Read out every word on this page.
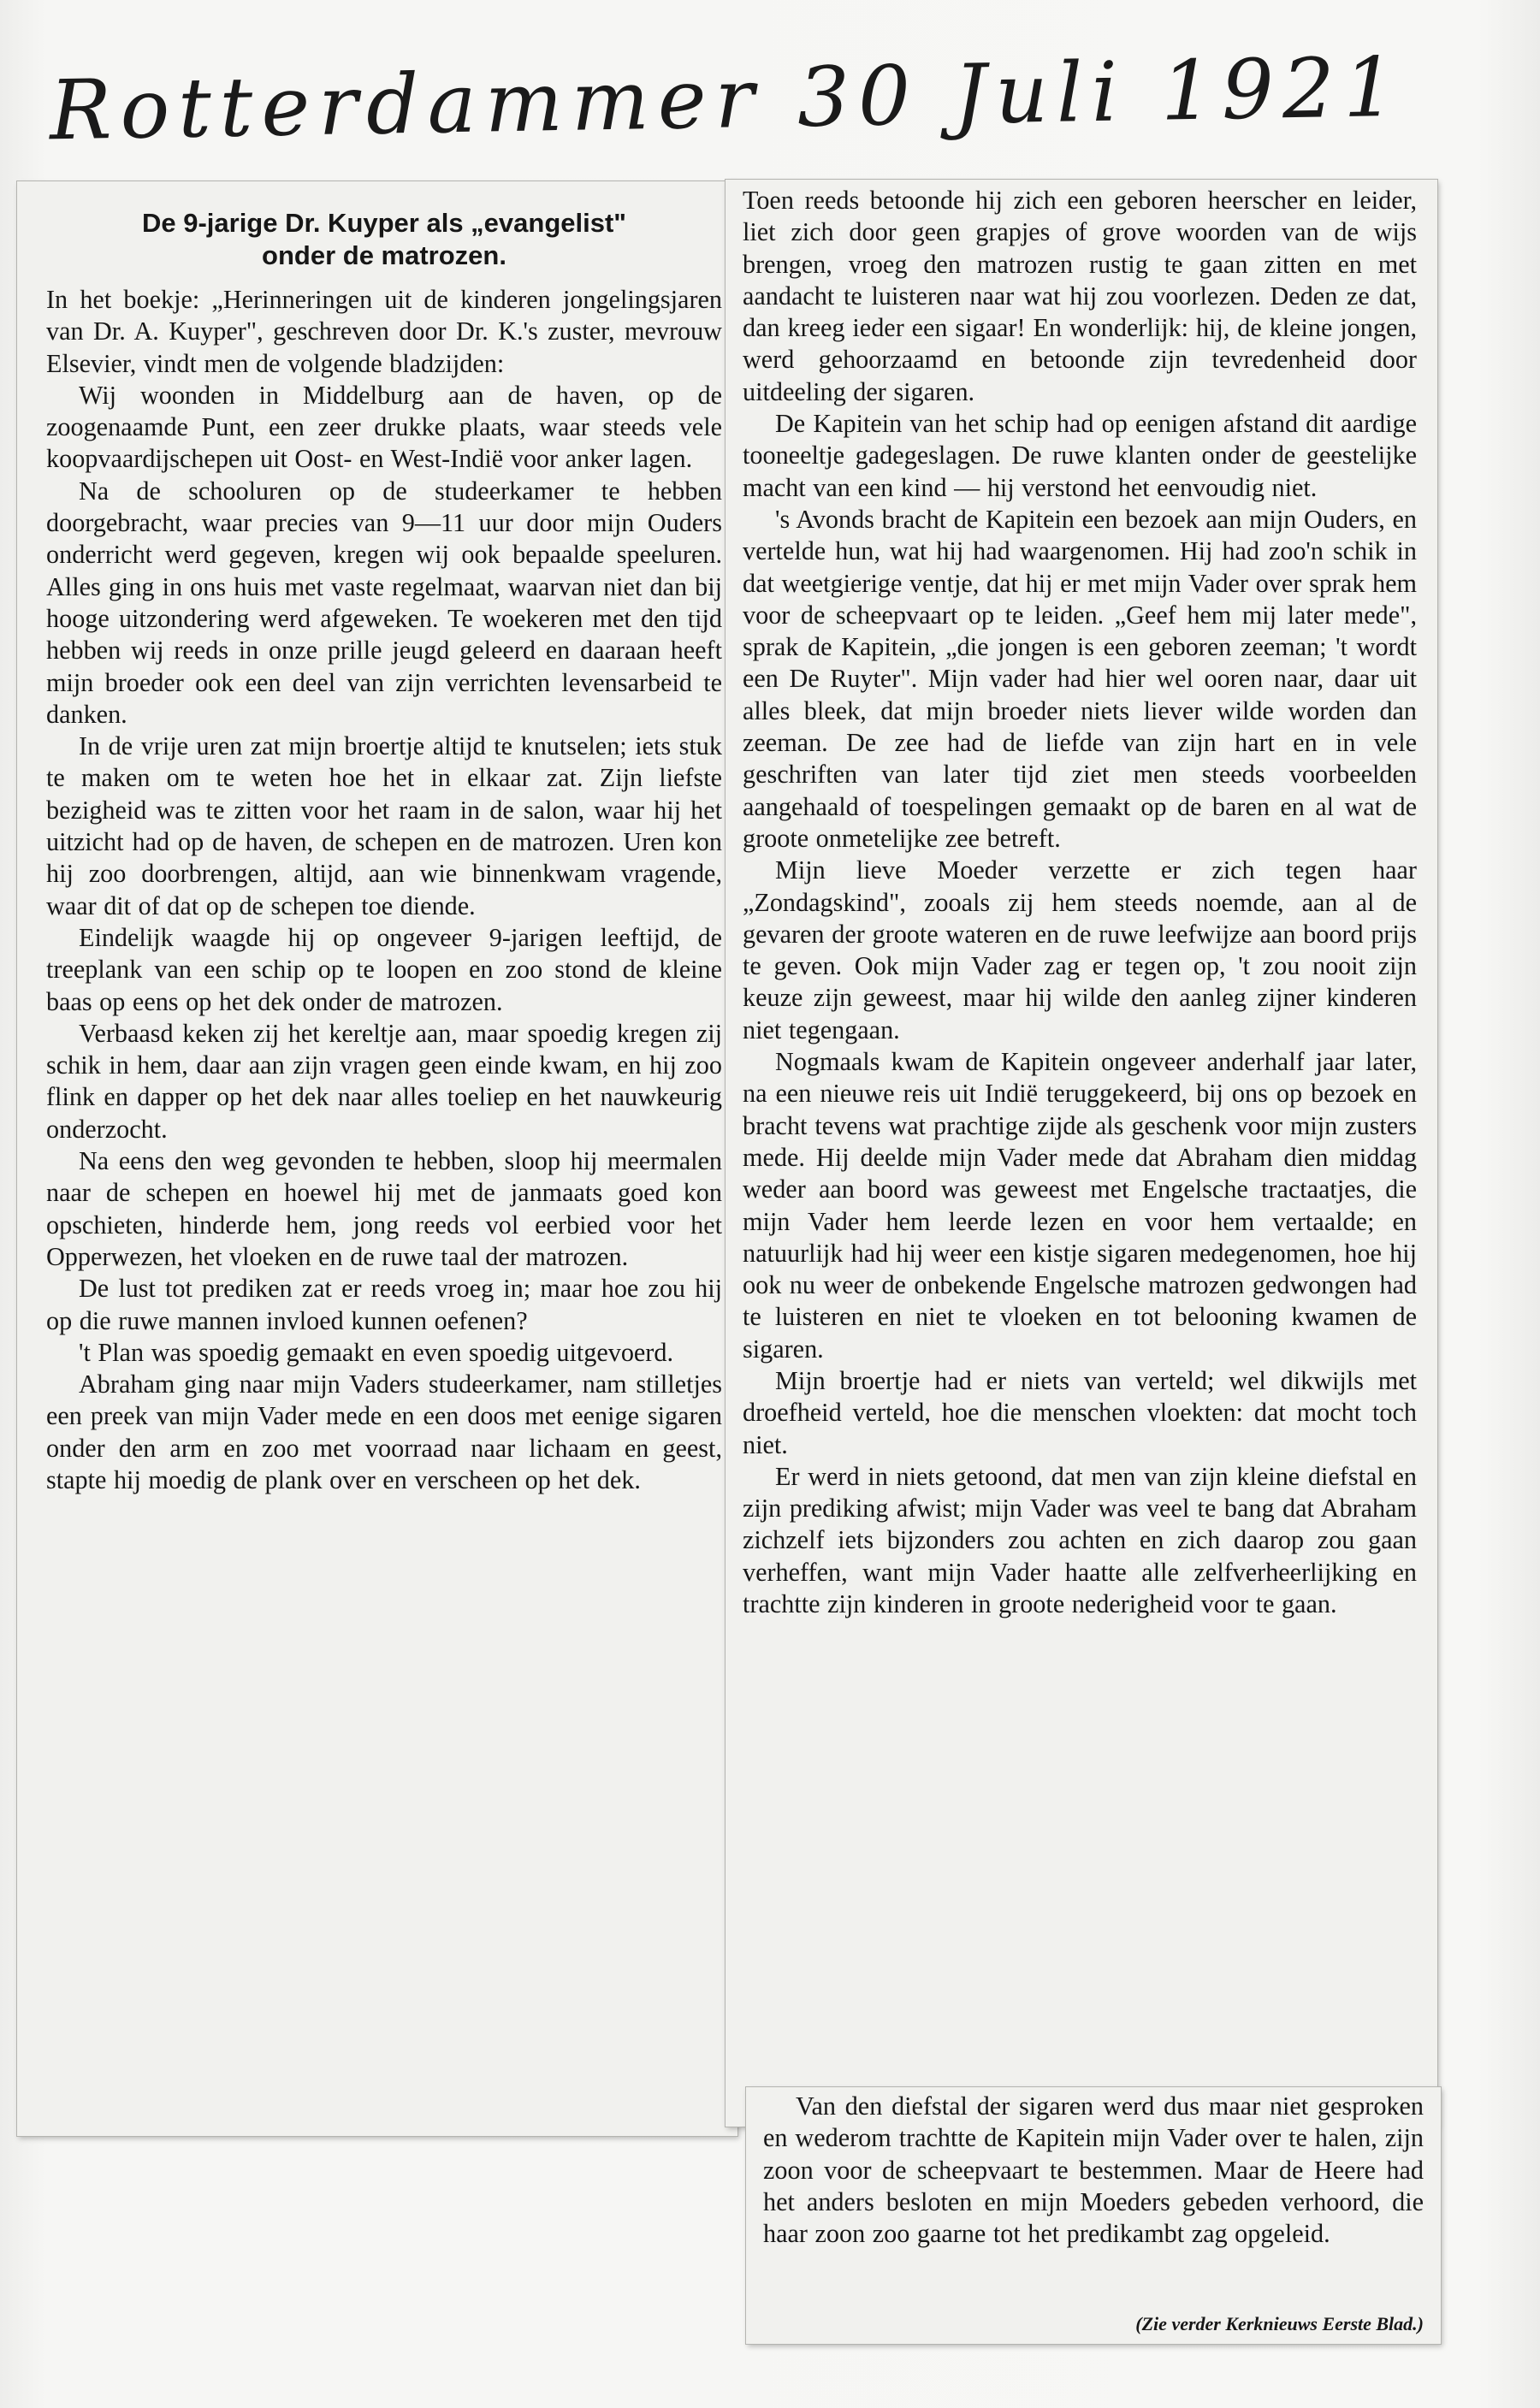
Rotterdammer 30 Juli 1921
De 9-jarige Dr. Kuyper als „evangelist"
onder de matrozen.

In het boekje: „Herinneringen uit de kinderen jongelingsjaren van Dr. A. Kuyper", geschreven door Dr. K.'s zuster, mevrouw Elsevier, vindt men de volgende bladzijden:

Wij woonden in Middelburg aan de haven, op de zoogenaamde Punt, een zeer drukke plaats, waar steeds vele koopvaardijschepen uit Oost- en West-Indië voor anker lagen.

Na de schooluren op de studeerkamer te hebben doorgebracht, waar precies van 9—11 uur door mijn Ouders onderricht werd gegeven, kregen wij ook bepaalde speeluren. Alles ging in ons huis met vaste regelmaat, waarvan niet dan bij hooge uitzondering werd afgeweken. Te woekeren met den tijd hebben wij reeds in onze prille jeugd geleerd en daaraan heeft mijn broeder ook een deel van zijn verrichten levensarbeid te danken.

In de vrije uren zat mijn broertje altijd te knutselen; iets stuk te maken om te weten hoe het in elkaar zat. Zijn liefste bezigheid was te zitten voor het raam in de salon, waar hij het uitzicht had op de haven, de schepen en de matrozen. Uren kon hij zoo doorbrengen, altijd, aan wie binnenkwam vragende, waar dit of dat op de schepen toe diende.

Eindelijk waagde hij op ongeveer 9-jarigen leeftijd, de treeplank van een schip op te loopen en zoo stond de kleine baas op eens op het dek onder de matrozen.

Verbaasd keken zij het kereltje aan, maar spoedig kregen zij schik in hem, daar aan zijn vragen geen einde kwam, en hij zoo flink en dapper op het dek naar alles toeliep en het nauwkeurig onderzocht.

Na eens den weg gevonden te hebben, sloop hij meermalen naar de schepen en hoewel hij met de janmaats goed kon opschieten, hinderde hem, jong reeds vol eerbied voor het Opperwezen, het vloeken en de ruwe taal der matrozen.

De lust tot prediken zat er reeds vroeg in; maar hoe zou hij op die ruwe mannen invloed kunnen oefenen?

't Plan was spoedig gemaakt en even spoedig uitgevoerd.

Abraham ging naar mijn Vaders studeerkamer, nam stilletjes een preek van mijn Vader mede en een doos met eenige sigaren onder den arm en zoo met voorraad naar lichaam en geest, stapte hij moedig de plank over en verscheen op het dek.

Toen reeds betoonde hij zich een geboren heerscher en leider, liet zich door geen grapjes of grove woorden van de wijs brengen, vroeg den matrozen rustig te gaan zitten en met aandacht te luisteren naar wat hij zou voorlezen. Deden ze dat, dan kreeg ieder een sigaar! En wonderlijk: hij, de kleine jongen, werd gehoorzaamd en betoonde zijn tevredenheid door uitdeeling der sigaren.

De Kapitein van het schip had op eenigen afstand dit aardige tooneeltje gadegeslagen. De ruwe klanten onder de geestelijke macht van een kind — hij verstond het eenvoudig niet.

's Avonds bracht de Kapitein een bezoek aan mijn Ouders, en vertelde hun, wat hij had waargenomen. Hij had zoo'n schik in dat weetgierige ventje, dat hij er met mijn Vader over sprak hem voor de scheepvaart op te leiden. „Geef hem mij later mede", sprak de Kapitein, „die jongen is een geboren zeeman; 't wordt een De Ruyter". Mijn vader had hier wel ooren naar, daar uit alles bleek, dat mijn broeder niets liever wilde worden dan zeeman. De zee had de liefde van zijn hart en in vele geschriften van later tijd ziet men steeds voorbeelden aangehaald of toespelingen gemaakt op de baren en al wat de groote onmetelijke zee betreft.

Mijn lieve Moeder verzette er zich tegen haar „Zondagskind", zooals zij hem steeds noemde, aan al de gevaren der groote wateren en de ruwe leefwijze aan boord prijs te geven. Ook mijn Vader zag er tegen op, 't zou nooit zijn keuze zijn geweest, maar hij wilde den aanleg zijner kinderen niet tegengaan.

Nogmaals kwam de Kapitein ongeveer anderhalf jaar later, na een nieuwe reis uit Indië teruggekeerd, bij ons op bezoek en bracht tevens wat prachtige zijde als geschenk voor mijn zusters mede. Hij deelde mijn Vader mede dat Abraham dien middag weder aan boord was geweest met Engelsche tractaatjes, die mijn Vader hem leerde lezen en voor hem vertaalde; en natuurlijk had hij weer een kistje sigaren medegenomen, hoe hij ook nu weer de onbekende Engelsche matrozen gedwongen had te luisteren en niet te vloeken en tot belooning kwamen de sigaren.

Mijn broertje had er niets van verteld; wel dikwijls met droefheid verteld, hoe die menschen vloekten: dat mocht toch niet.

Er werd in niets getoond, dat men van zijn kleine diefstal en zijn prediking afwist; mijn Vader was veel te bang dat Abraham zichzelf iets bijzonders zou achten en zich daarop zou gaan verheffen, want mijn Vader haatte alle zelfverheerlijking en trachtte zijn kinderen in groote nederigheid voor te gaan.

Van den diefstal der sigaren werd dus maar niet gesproken en wederom trachtte de Kapitein mijn Vader over te halen, zijn zoon voor de scheepvaart te bestemmen. Maar de Heere had het anders besloten en mijn Moeders gebeden verhoord, die haar zoon zoo gaarne tot het predikambt zag opgeleid.

(Zie verder Kerknieuws Eerste Blad.)
